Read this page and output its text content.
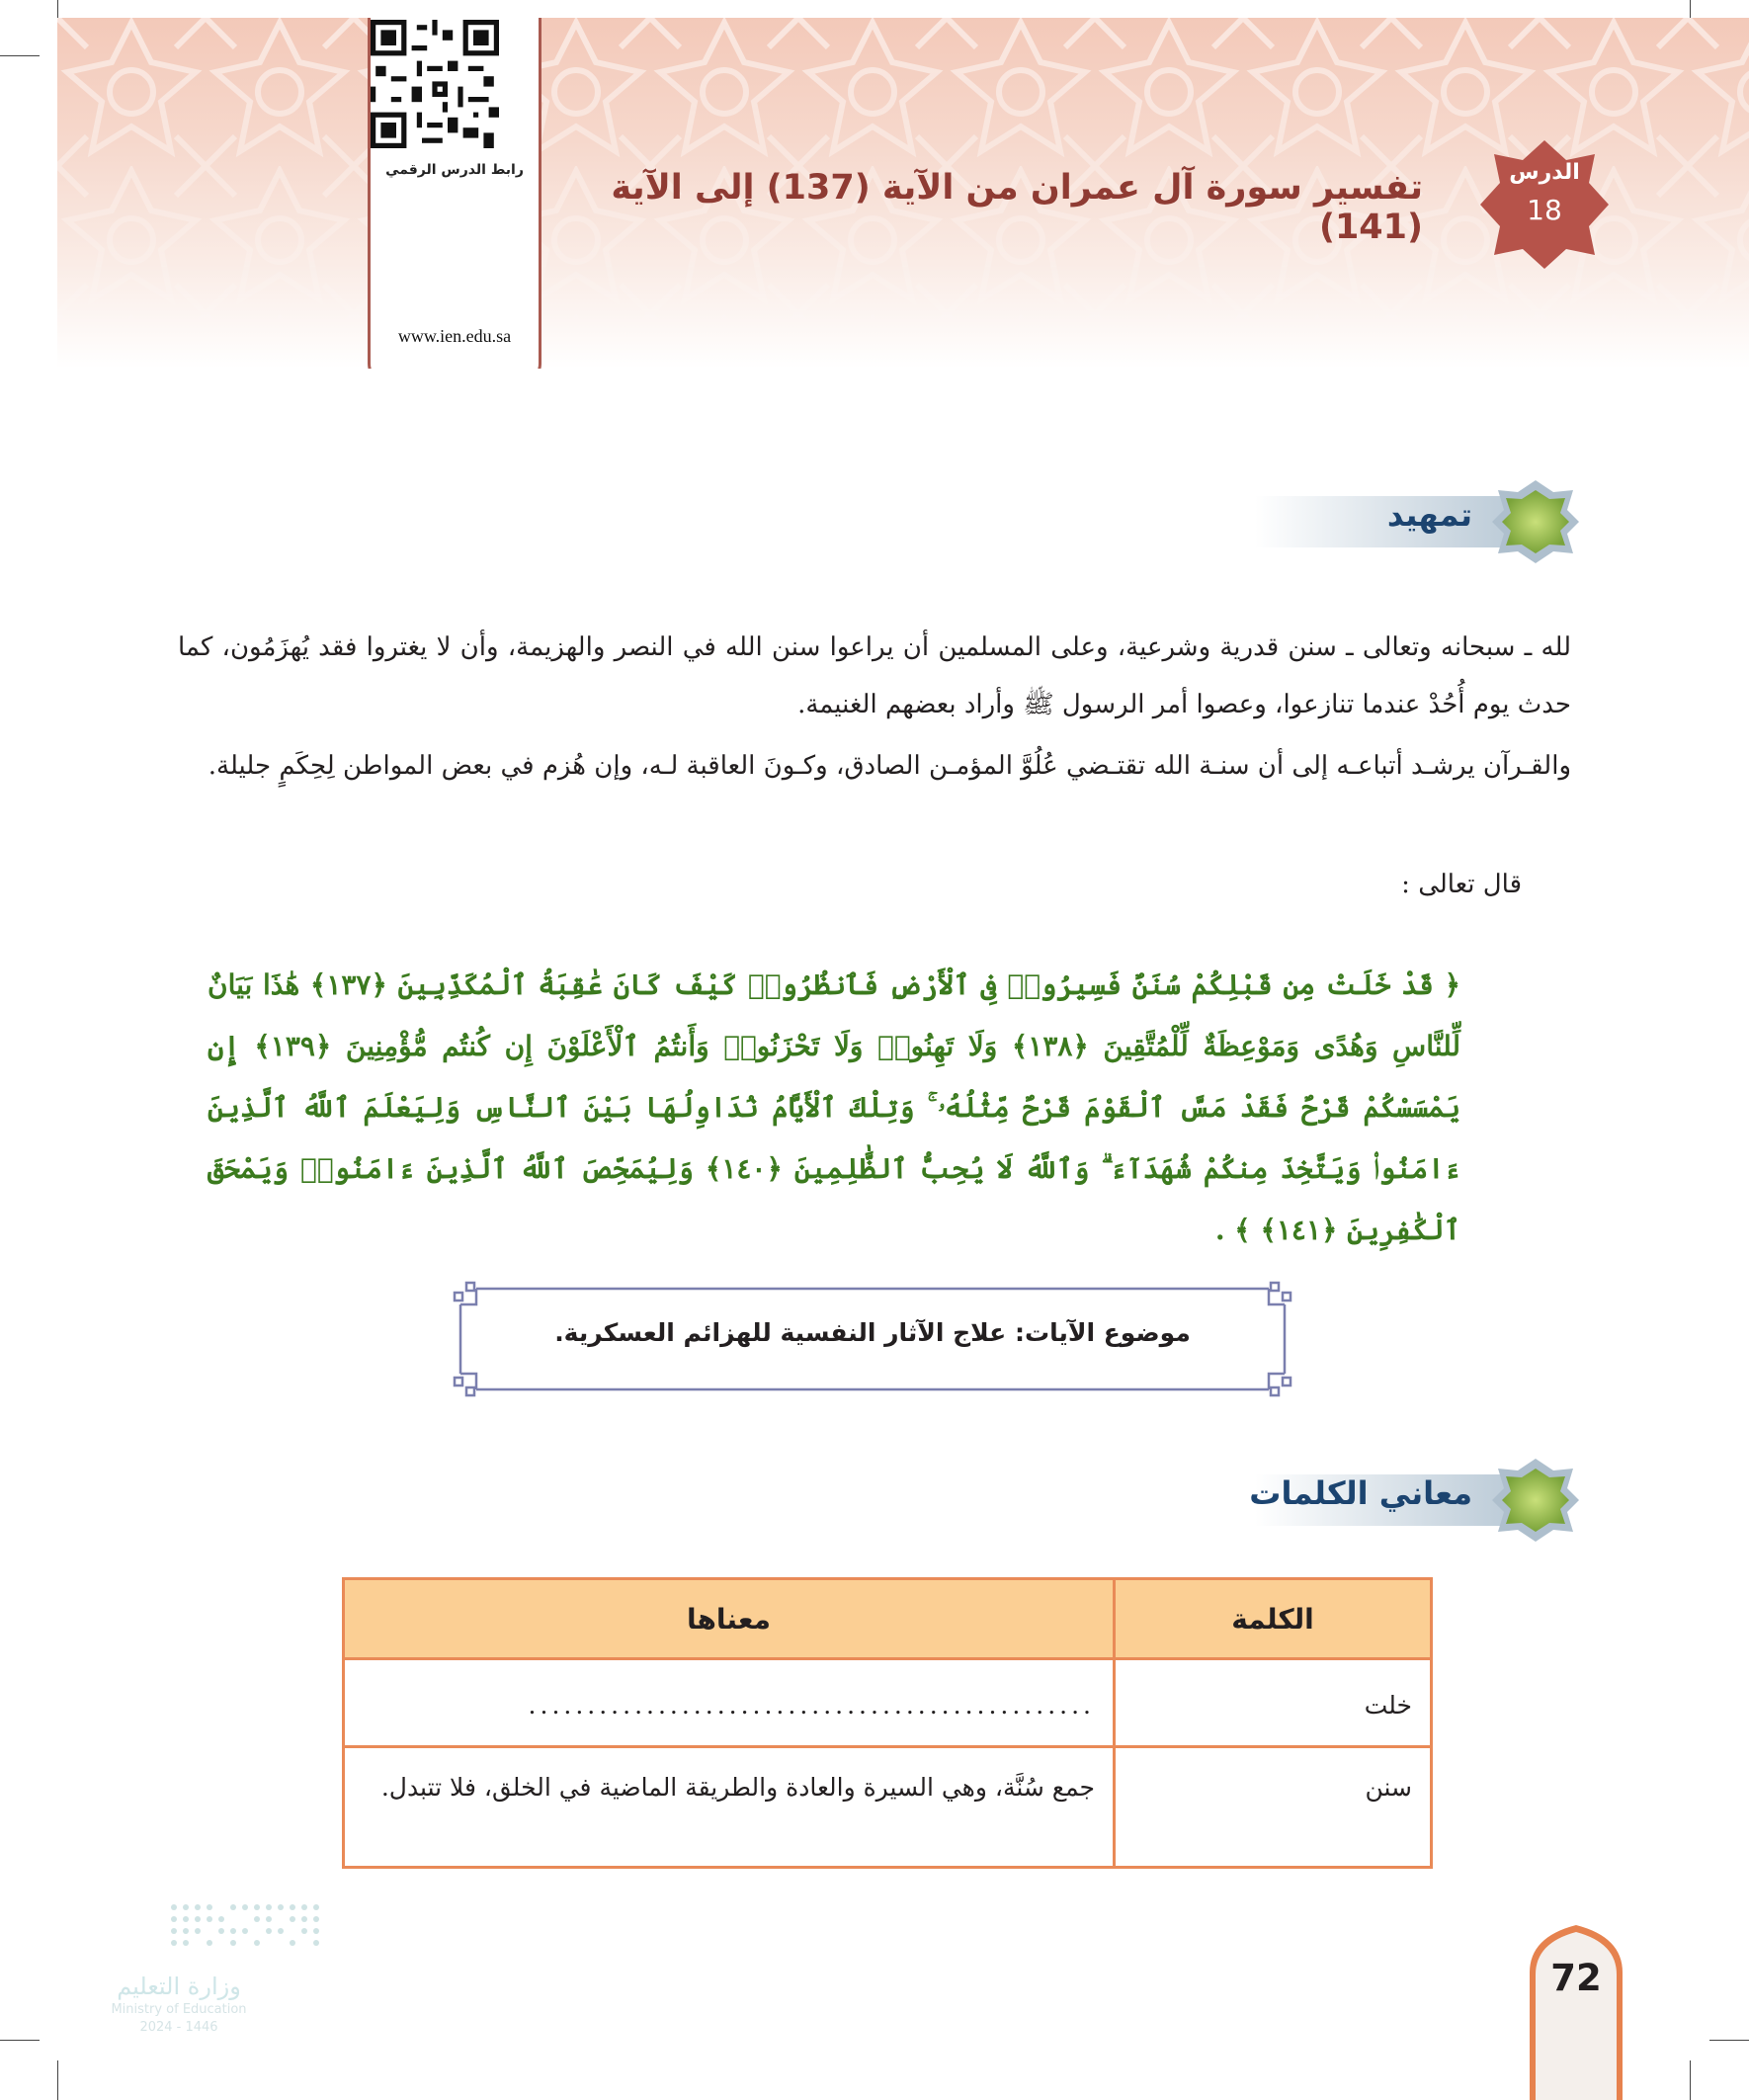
رابط الدرس الرقمي
www.ien.edu.sa
الدرس
18
تفسير سورة آل عمران من الآية (137) إلى الآية (141)
تمهيد
لله ـ سبحانه وتعالى ـ سنن قدرية وشرعية، وعلى المسلمين أن يراعوا سنن الله في النصر والهزيمة، وأن لا يغتروا فقد يُهزَمُون، كما حدث يوم أُحُدْ عندما تنازعوا، وعصوا أمر الرسول ﷺ وأراد بعضهم الغنيمة.
والقـرآن يرشـد أتباعـه إلى أن سنـة الله تقتـضي عُلُوَّ المؤمـن الصادق، وكـونَ العاقبة لـه، وإن هُزم في بعض المواطن لِحِكَمٍ جليلة.
قال تعالى :
﴿ قَدْ خَلَتْ مِن قَبْلِكُمْ سُنَنٌ فَسِيرُوا۟ فِى ٱلْأَرْضِ فَٱنظُرُوا۟ كَيْفَ كَانَ عَٰقِبَةُ ٱلْمُكَذِّبِينَ ﴿١٣٧﴾ هَٰذَا بَيَانٌ لِّلنَّاسِ وَهُدًى وَمَوْعِظَةٌ لِّلْمُتَّقِينَ ﴿١٣٨﴾ وَلَا تَهِنُوا۟ وَلَا تَحْزَنُوا۟ وَأَنتُمُ ٱلْأَعْلَوْنَ إِن كُنتُم مُّؤْمِنِينَ ﴿١٣٩﴾ إِن يَمْسَسْكُمْ قَرْحٌ فَقَدْ مَسَّ ٱلْقَوْمَ قَرْحٌ مِّثْلُهُۥ ۚ وَتِلْكَ ٱلْأَيَّامُ نُدَاوِلُهَا بَيْنَ ٱلنَّاسِ وَلِيَعْلَمَ ٱللَّهُ ٱلَّذِينَ ءَامَنُوا۟ وَيَتَّخِذَ مِنكُمْ شُهَدَآءَ ۗ وَٱللَّهُ لَا يُحِبُّ ٱلظَّٰلِمِينَ ﴿١٤٠﴾ وَلِيُمَحِّصَ ٱللَّهُ ٱلَّذِينَ ءَامَنُوا۟ وَيَمْحَقَ ٱلْكَٰفِرِينَ ﴿١٤١﴾ ﴾ .
موضوع الآيات: علاج الآثار النفسية للهزائم العسكرية.
معاني الكلمات
الكلمة	معناها
خلت	................................................
سنن	جمع سُنَّة، وهي السيرة والعادة والطريقة الماضية في الخلق، فلا تتبدل.
وزارة التعليم
Ministry of Education
2024 - 1446
72
